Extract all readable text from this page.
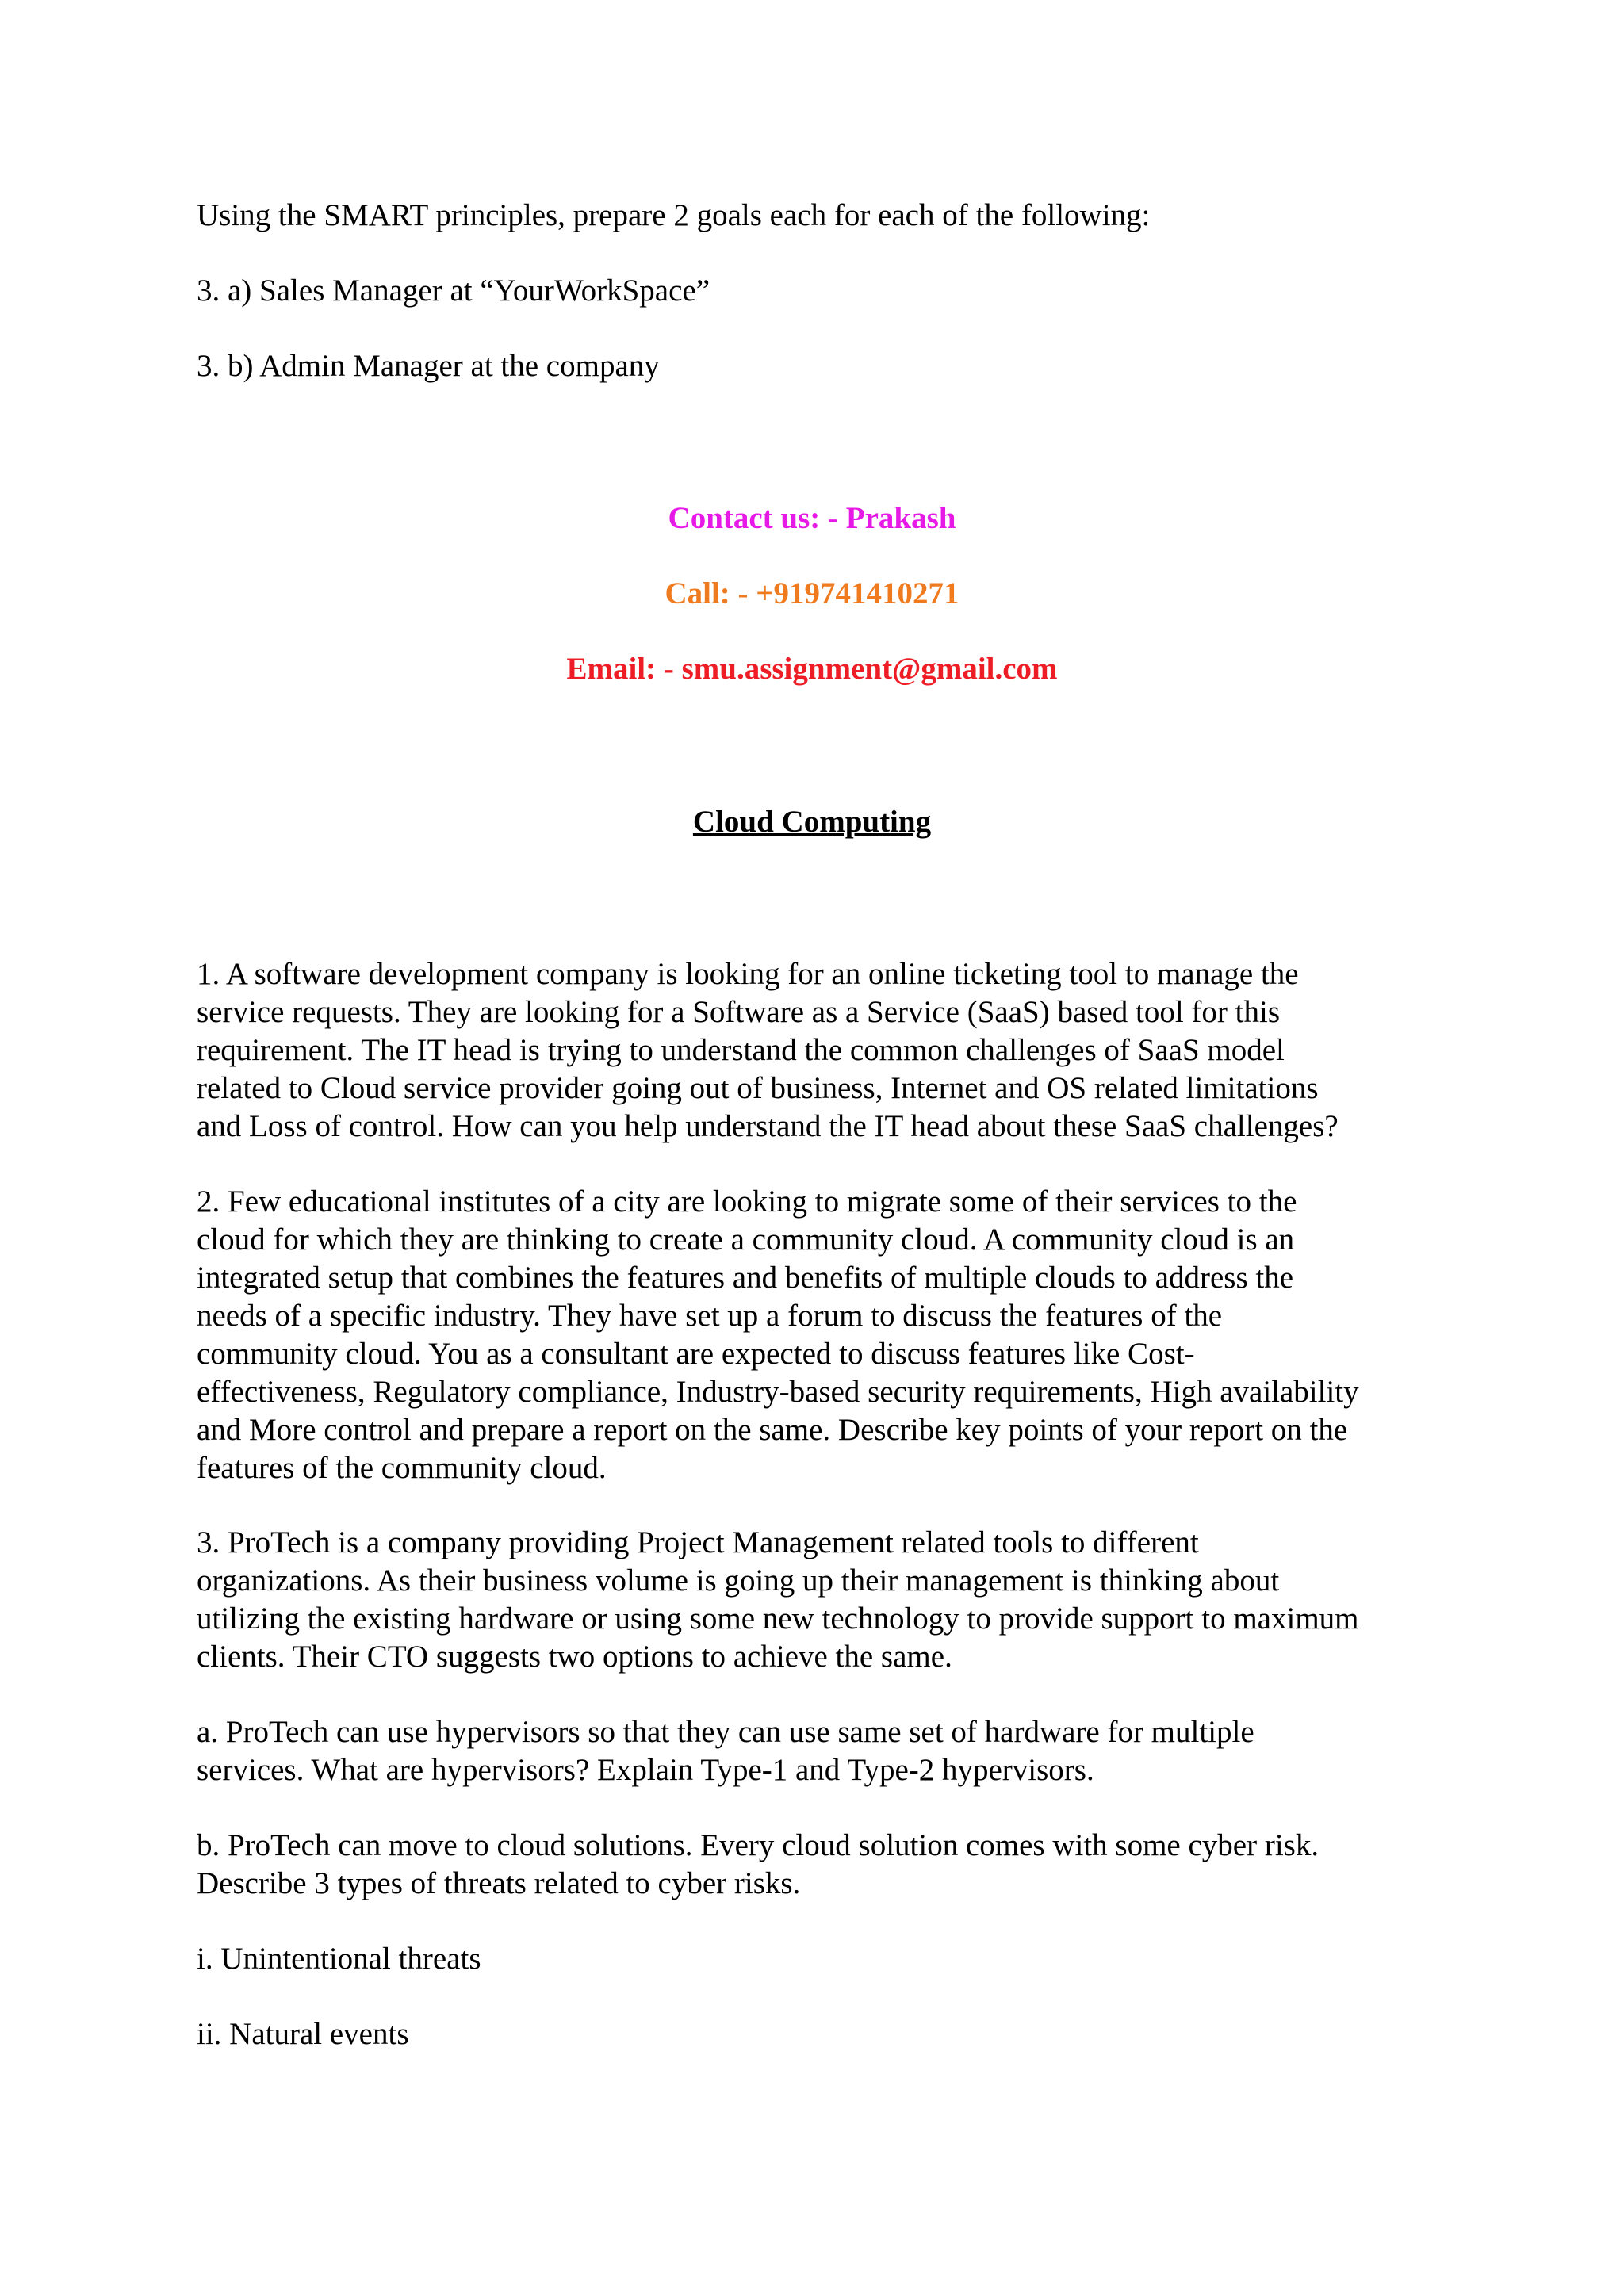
Using the SMART principles, prepare 2 goals each for each of the following:

3. a) Sales Manager at “YourWorkSpace”

3. b) Admin Manager at the company

Contact us: - Prakash

Call: - +919741410271

Email: - smu.assignment@gmail.com

Cloud Computing

1. A software development company is looking for an online ticketing tool to manage the
service requests. They are looking for a Software as a Service (SaaS) based tool for this
requirement. The IT head is trying to understand the common challenges of SaaS model
related to Cloud service provider going out of business, Internet and OS related limitations
and Loss of control. How can you help understand the IT head about these SaaS challenges?
2. Few educational institutes of a city are looking to migrate some of their services to the
cloud for which they are thinking to create a community cloud. A community cloud is an
integrated setup that combines the features and benefits of multiple clouds to address the
needs of a specific industry. They have set up a forum to discuss the features of the
community cloud. You as a consultant are expected to discuss features like Cost-
effectiveness, Regulatory compliance, Industry-based security requirements, High availability
and More control and prepare a report on the same. Describe key points of your report on the
features of the community cloud.
3. ProTech is a company providing Project Management related tools to different
organizations. As their business volume is going up their management is thinking about
utilizing the existing hardware or using some new technology to provide support to maximum
clients. Their CTO suggests two options to achieve the same.
a. ProTech can use hypervisors so that they can use same set of hardware for multiple
services. What are hypervisors? Explain Type-1 and Type-2 hypervisors.
b. ProTech can move to cloud solutions. Every cloud solution comes with some cyber risk.
Describe 3 types of threats related to cyber risks.
i. Unintentional threats
ii. Natural events
